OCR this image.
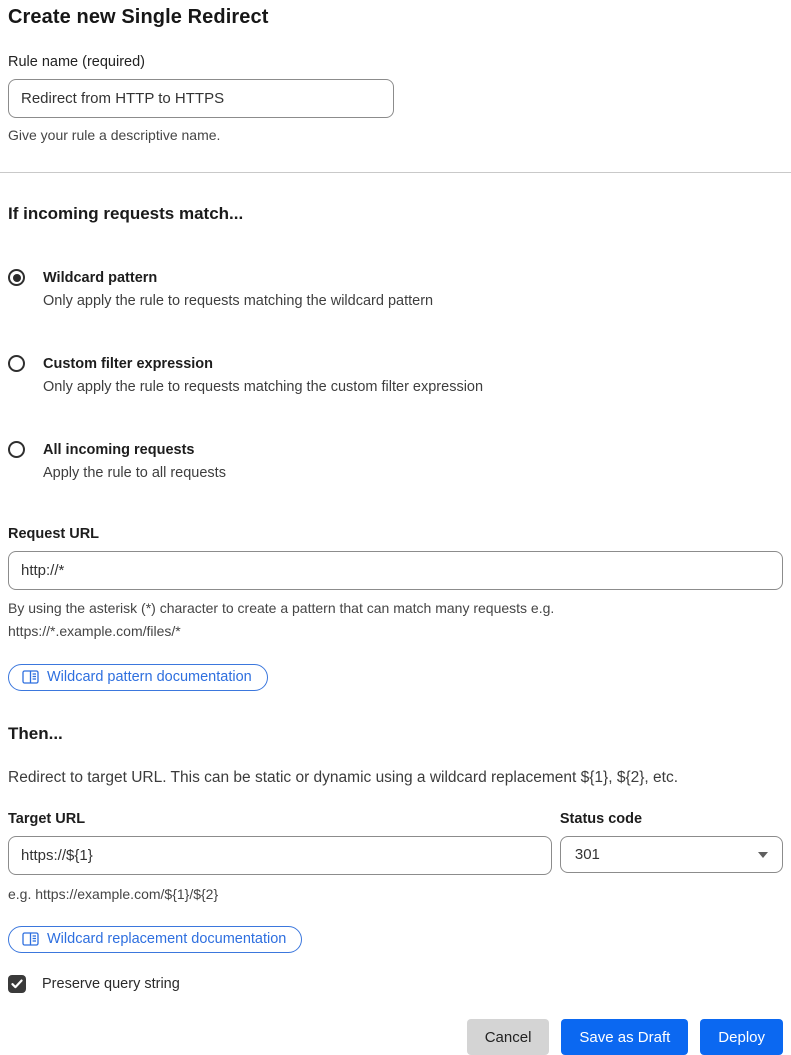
Create new Single Redirect
Rule name (required)
Redirect from HTTP to HTTPS
Give your rule a descriptive name.
If incoming requests match...
Wildcard pattern
Only apply the rule to requests matching the wildcard pattern
Custom filter expression
Only apply the rule to requests matching the custom filter expression
All incoming requests
Apply the rule to all requests
Request URL
http://*
By using the asterisk (*) character to create a pattern that can match many requests e.g.
https://*.example.com/files/*
Wildcard pattern documentation
Then...

Redirect to target URL. This can be static or dynamic using a wildcard replacement ${1}, ${2}, etc.

Target URL
https://${1}
e.g. https://example.com/${1}/${2}
Status code
301
Wildcard replacement documentation
Preserve query string
Cancel	Save as Draft	Deploy
